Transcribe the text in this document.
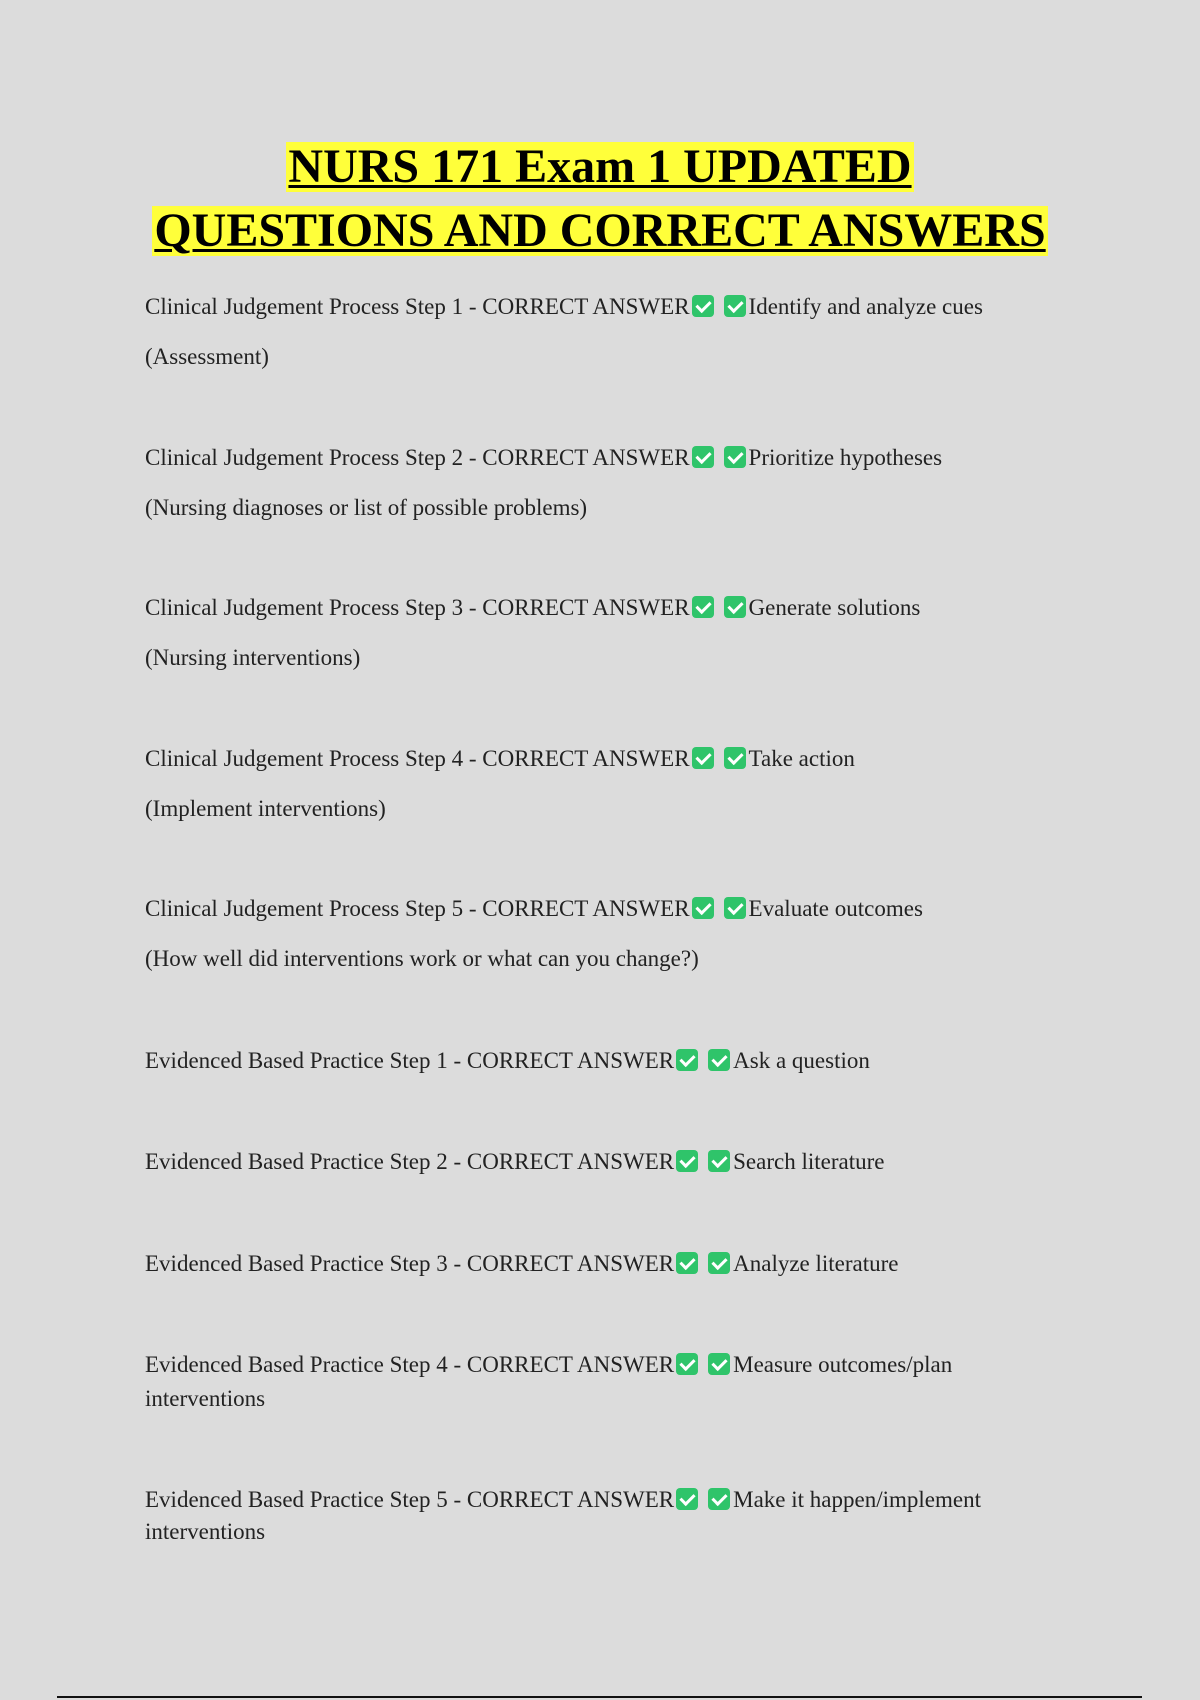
NURS 171 Exam 1 UPDATED
QUESTIONS AND CORRECT ANSWERS
Clinical Judgement Process Step 1 - CORRECT ANSWER	Identify and analyze cues
(Assessment)
Clinical Judgement Process Step 2 - CORRECT ANSWER	Prioritize hypotheses
(Nursing diagnoses or list of possible problems)
Clinical Judgement Process Step 3 - CORRECT ANSWER	Generate solutions
(Nursing interventions)
Clinical Judgement Process Step 4 - CORRECT ANSWER	Take action
(Implement interventions)
Clinical Judgement Process Step 5 - CORRECT ANSWER	Evaluate outcomes
(How well did interventions work or what can you change?)
Evidenced Based Practice Step 1 - CORRECT ANSWER	Ask a question
Evidenced Based Practice Step 2 - CORRECT ANSWER	Search literature
Evidenced Based Practice Step 3 - CORRECT ANSWER	Analyze literature
Evidenced Based Practice Step 4 - CORRECT ANSWER	Measure outcomes/plan
interventions
Evidenced Based Practice Step 5 - CORRECT ANSWER	Make it happen/implement
interventions
